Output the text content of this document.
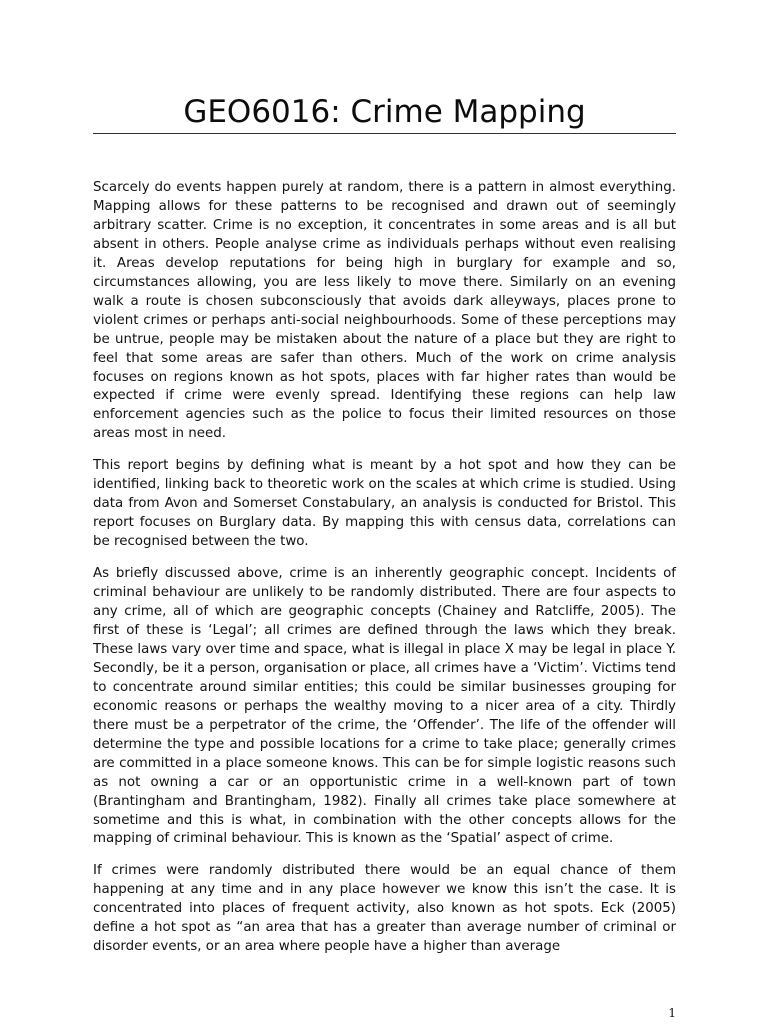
GEO6016: Crime Mapping

Scarcely do events happen purely at random, there is a pattern in almost everything. Mapping allows for these patterns to be recognised and drawn out of seemingly arbitrary scatter. Crime is no exception, it concentrates in some areas and is all but absent in others. People analyse crime as individuals perhaps without even realising it. Areas develop reputations for being high in burglary for example and so, circumstances allowing, you are less likely to move there. Similarly on an evening walk a route is chosen subconsciously that avoids dark alleyways, places prone to violent crimes or perhaps anti-social neighbourhoods. Some of these perceptions may be untrue, people may be mistaken about the nature of a place but they are right to feel that some areas are safer than others. Much of the work on crime analysis focuses on regions known as hot spots, places with far higher rates than would be expected if crime were evenly spread. Identifying these regions can help law enforcement agencies such as the police to focus their limited resources on those areas most in need.

This report begins by defining what is meant by a hot spot and how they can be identified, linking back to theoretic work on the scales at which crime is studied. Using data from Avon and Somerset Constabulary, an analysis is conducted for Bristol. This report focuses on Burglary data. By mapping this with census data, correlations can be recognised between the two.

As briefly discussed above, crime is an inherently geographic concept. Incidents of criminal behaviour are unlikely to be randomly distributed. There are four aspects to any crime, all of which are geographic concepts (Chainey and Ratcliffe, 2005). The first of these is ‘Legal’; all crimes are defined through the laws which they break. These laws vary over time and space, what is illegal in place X may be legal in place Y. Secondly, be it a person, organisation or place, all crimes have a ‘Victim’. Victims tend to concentrate around similar entities; this could be similar businesses grouping for economic reasons or perhaps the wealthy moving to a nicer area of a city. Thirdly there must be a perpetrator of the crime, the ‘Offender’. The life of the offender will determine the type and possible locations for a crime to take place; generally crimes are committed in a place someone knows. This can be for simple logistic reasons such as not owning a car or an opportunistic crime in a well-known part of town (Brantingham and Brantingham, 1982). Finally all crimes take place somewhere at sometime and this is what, in combination with the other concepts allows for the mapping of criminal behaviour. This is known as the ‘Spatial’ aspect of crime.

If crimes were randomly distributed there would be an equal chance of them happening at any time and in any place however we know this isn’t the case. It is concentrated into places of frequent activity, also known as hot spots. Eck (2005) define a hot spot as “an area that has a greater than average number of criminal or disorder events, or an area where people have a higher than average

1
